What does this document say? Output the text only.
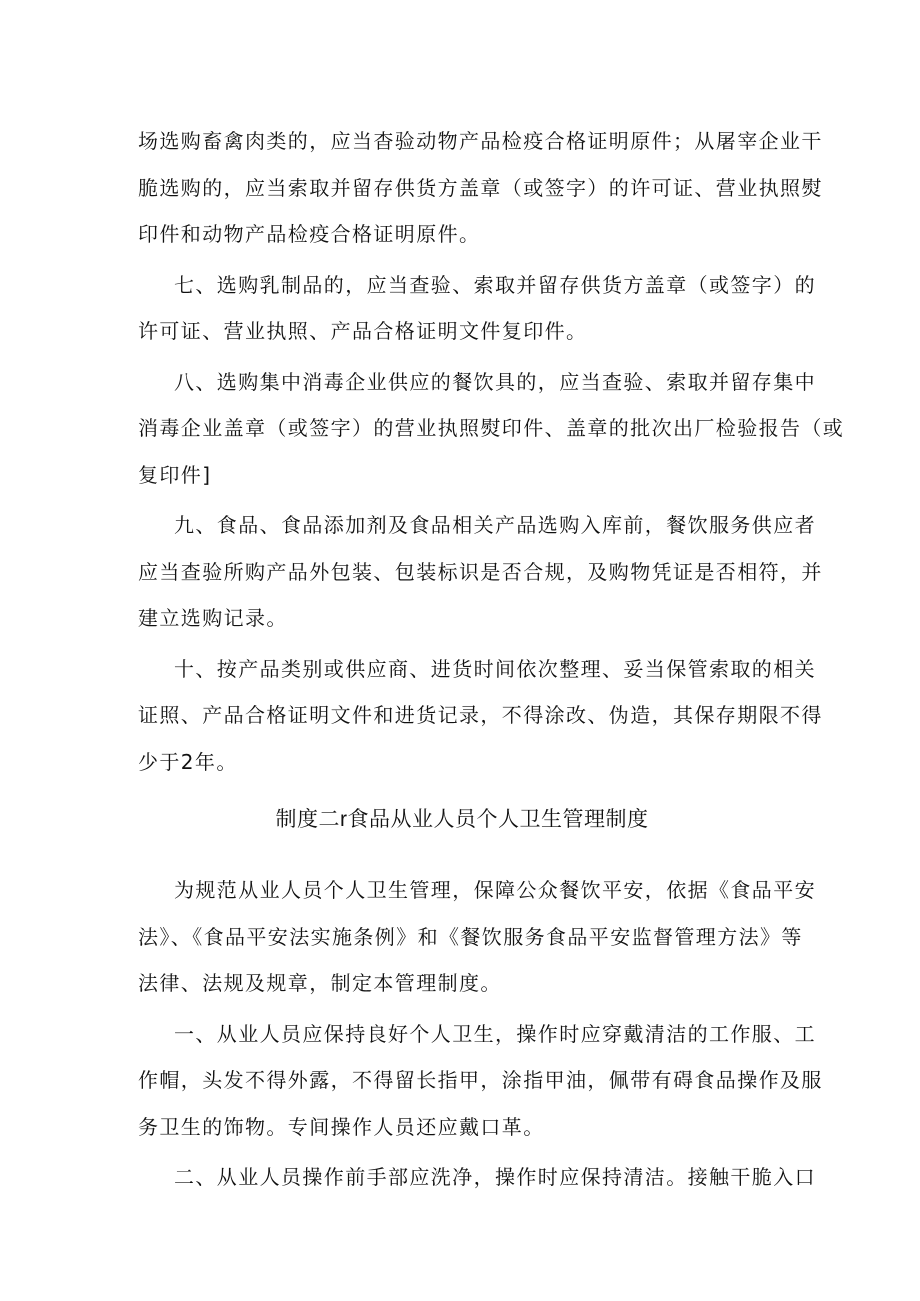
场选购畜禽肉类的，应当杳验动物产品检疫合格证明原件；从屠宰企业干
脆选购的，应当索取并留存供货方盖章（或签字）的许可证、营业执照熨
印件和动物产品检疫合格证明原件。
七、选购乳制品的，应当查验、索取并留存供货方盖章（或签字）的
许可证、营业执照、产品合格证明文件复印件。
八、选购集中消毒企业供应的餐饮具的，应当查验、索取并留存集中
消毒企业盖章（或签字）的营业执照熨印件、盖章的批次出厂检验报告（或
复印件]
九、食品、食品添加剂及食品相关产品选购入库前，餐饮服务供应者
应当查验所购产品外包装、包装标识是否合规，及购物凭证是否相符，并
建立选购记录。
十、按产品类别或供应商、进货时间依次整理、妥当保管索取的相关
证照、产品合格证明文件和进货记录，不得涂改、伪造，其保存期限不得
少于2年。
制度二r食品从业人员个人卫生管理制度
为规范从业人员个人卫生管理，保障公众餐饮平安，依据《食品平安
法》、《食品平安法实施条例》和《餐饮服务食品平安监督管理方法》等
法律、法规及规章，制定本管理制度。
一、从业人员应保持良好个人卫生，操作时应穿戴清洁的工作服、工
作帽，头发不得外露，不得留长指甲，涂指甲油，佩带有碍食品操作及服
务卫生的饰物。专间操作人员还应戴口革。
二、从业人员操作前手部应洗净，操作时应保持清洁。接触干脆入口
